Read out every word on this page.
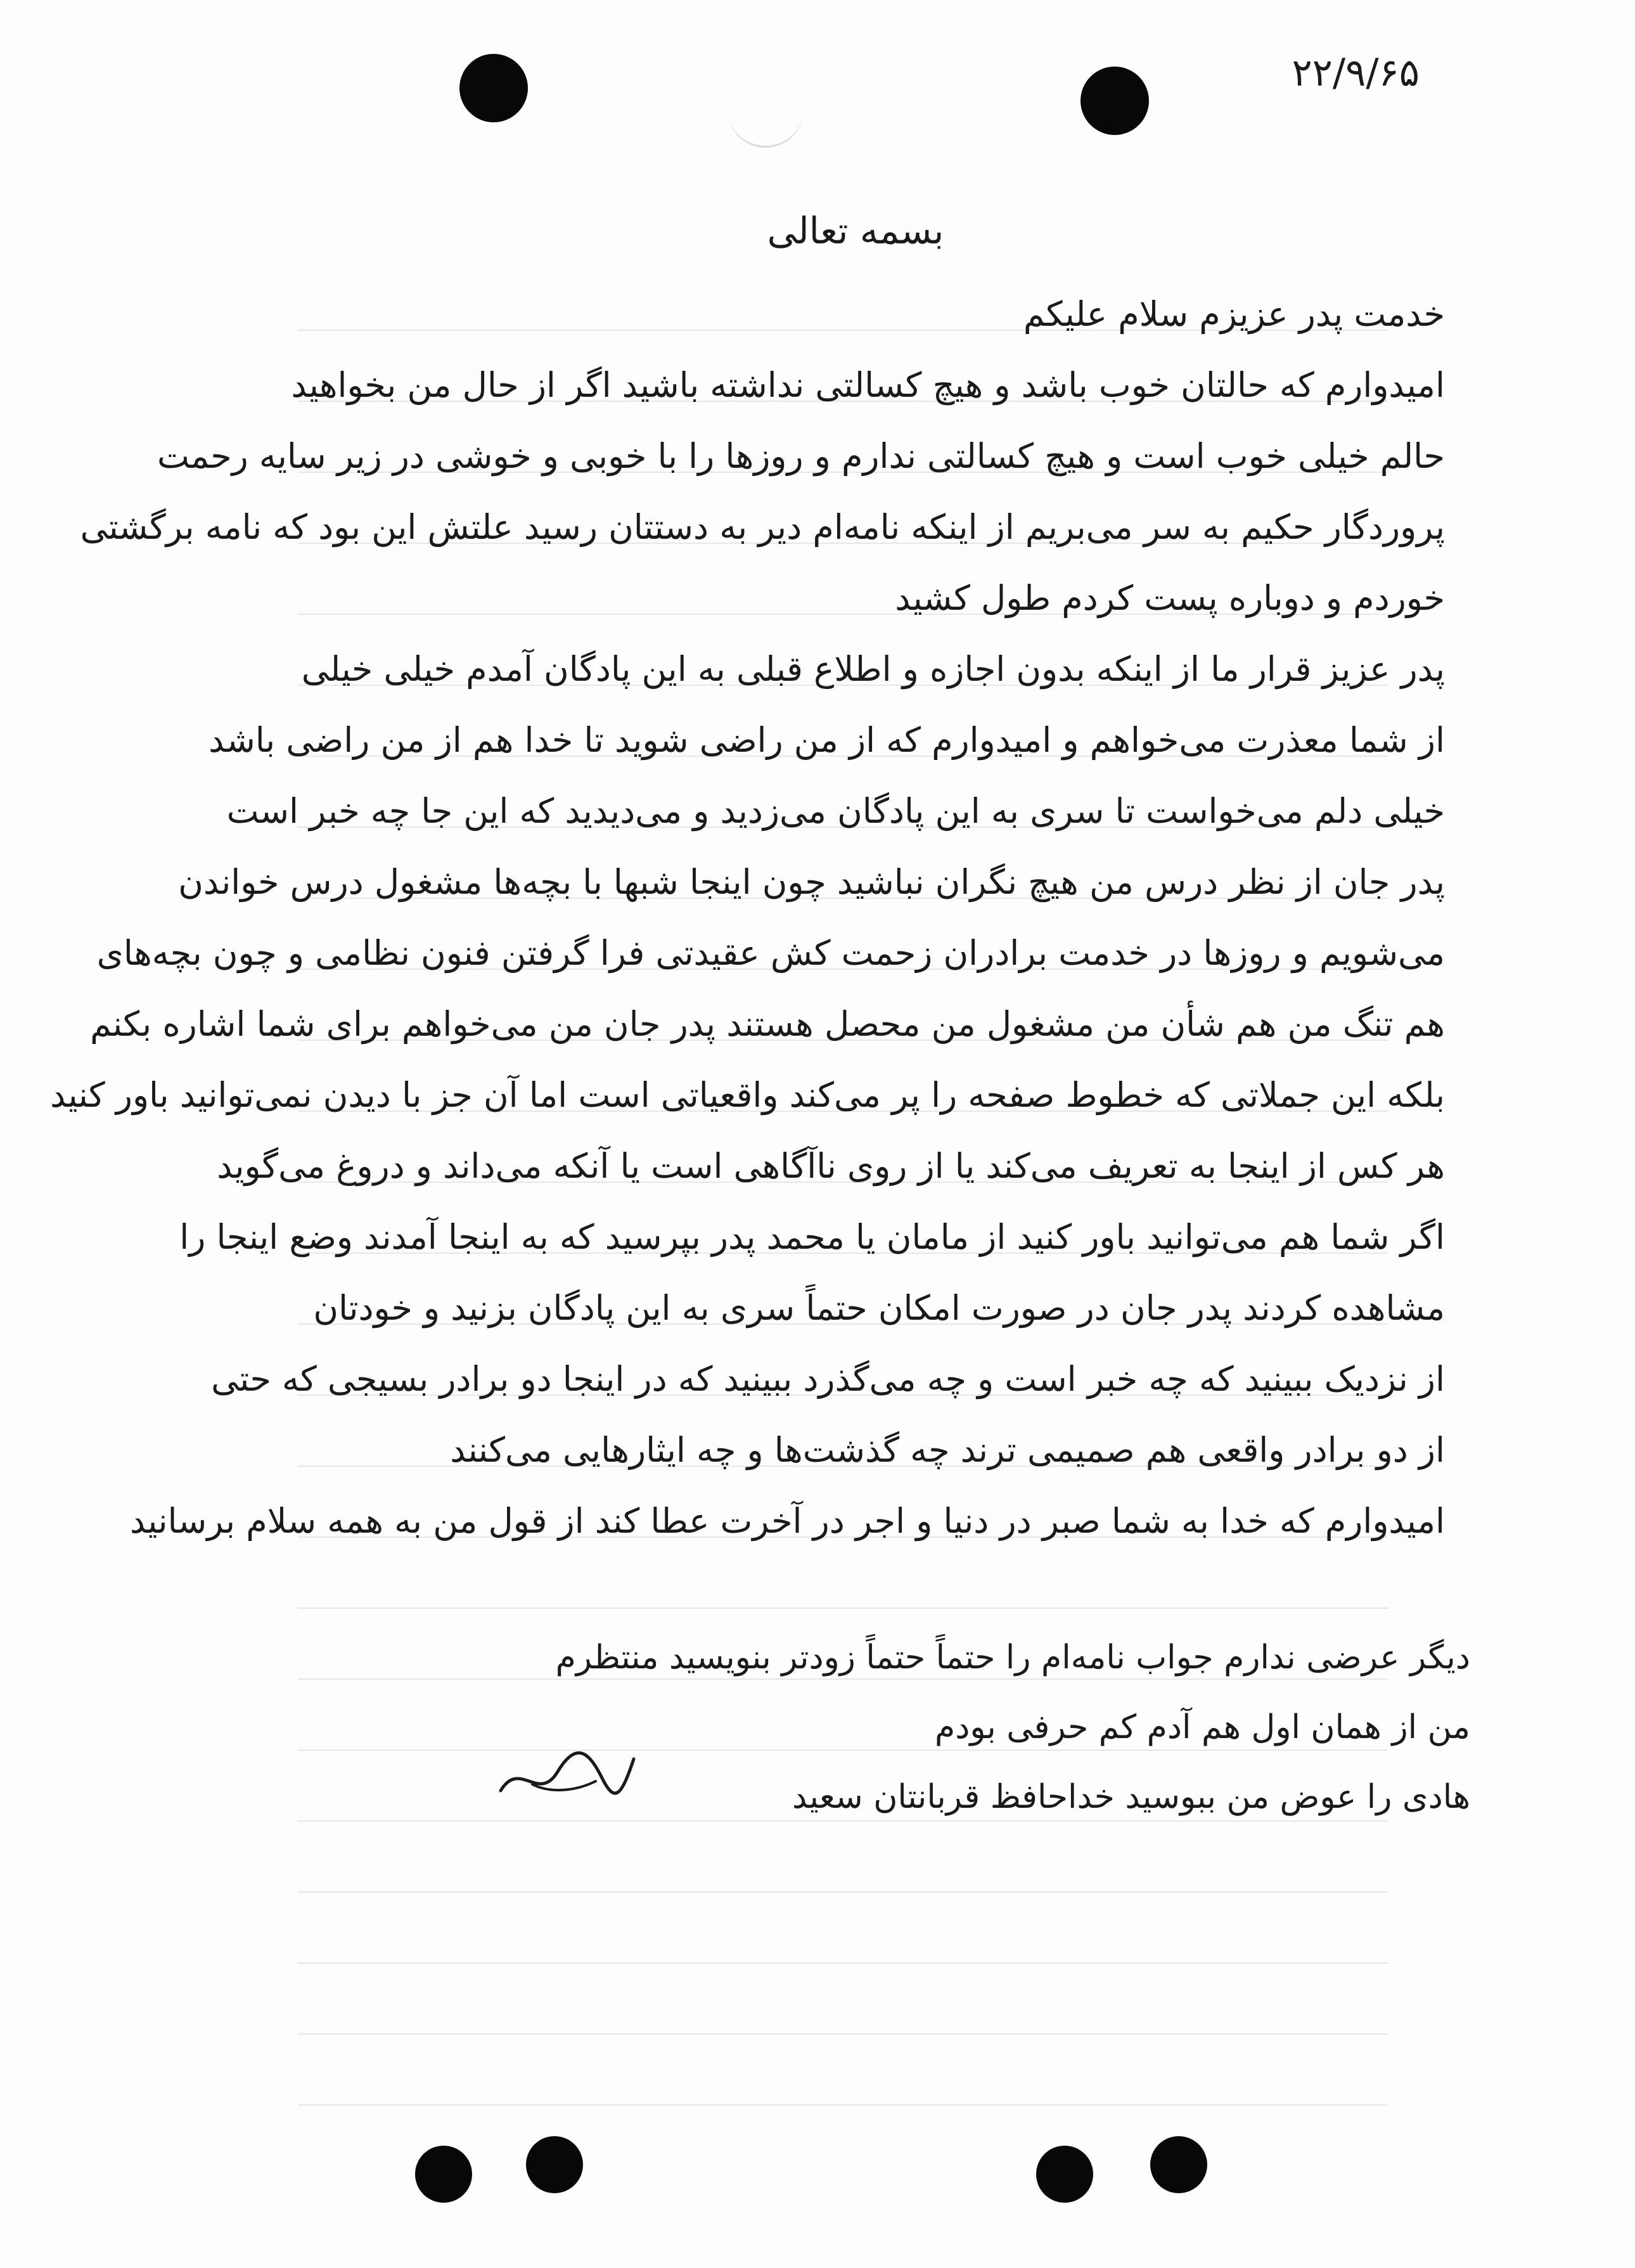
۲۲/۹/۶۵
بسمه تعالی
خدمت پدر عزیزم سلام علیکم
امیدوارم که حالتان خوب باشد و هیچ کسالتی نداشته باشید اگر از حال من بخواهید
حالم خیلی خوب است و هیچ کسالتی ندارم و روزها را با خوبی و خوشی در زیر سایه رحمت
پروردگار حکیم به سر می‌بریم از اینکه نامه‌ام دیر به دستتان رسید علتش این بود که نامه برگشتی
خوردم و دوباره پست کردم طول کشید
پدر عزیز قرار ما از اینکه بدون اجازه و اطلاع قبلی به این پادگان آمدم خیلی خیلی
از شما معذرت می‌خواهم و امیدوارم که از من راضی شوید تا خدا هم از من راضی باشد
خیلی دلم می‌خواست تا سری به این پادگان می‌زدید و می‌دیدید که این جا چه خبر است
پدر جان از نظر درس من هیچ نگران نباشید چون اینجا شبها با بچه‌ها مشغول درس خواندن
می‌شویم و روزها در خدمت برادران زحمت کش عقیدتی فرا گرفتن فنون نظامی و چون بچه‌های
هم تنگ من هم شأن من مشغول من محصل هستند پدر جان من می‌خواهم برای شما اشاره بکنم
بلکه این جملاتی که خطوط صفحه را پر می‌کند واقعیاتی است اما آن جز با دیدن نمی‌توانید باور کنید
هر کس از اینجا به تعریف می‌کند یا از روی ناآگاهی است یا آنکه می‌داند و دروغ می‌گوید
اگر شما هم می‌توانید باور کنید از مامان یا محمد پدر بپرسید که به اینجا آمدند وضع اینجا را
مشاهده کردند پدر جان در صورت امکان حتماً سری به این پادگان بزنید و خودتان
از نزدیک ببینید که چه خبر است و چه می‌گذرد ببینید که در اینجا دو برادر بسیجی که حتی
از دو برادر واقعی هم صمیمی ترند چه گذشت‌ها و چه ایثارهایی می‌کنند
امیدوارم که خدا به شما صبر در دنیا و اجر در آخرت عطا کند از قول من به همه سلام برسانید
دیگر عرضی ندارم جواب نامه‌ام را حتماً حتماً زودتر بنویسید منتظرم
من از همان اول هم آدم کم حرفی بودم
هادی را عوض من ببوسید خداحافظ قربانتان سعید
